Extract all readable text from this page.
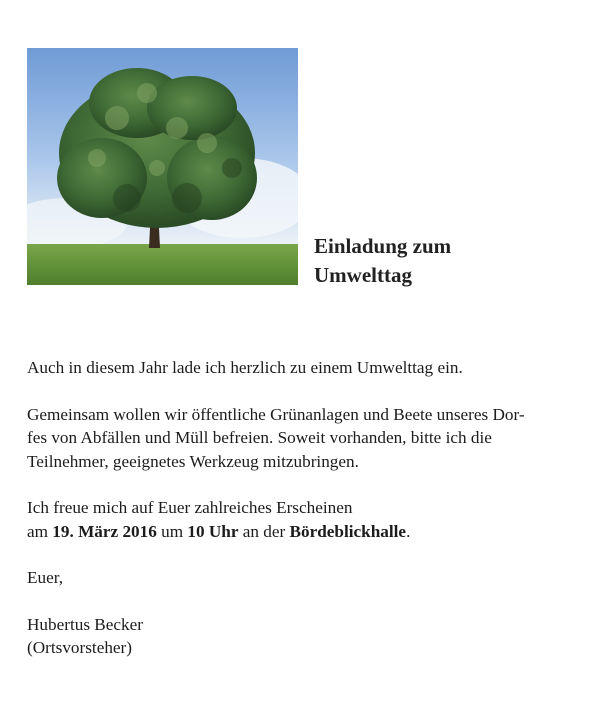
Einladung zum
Umwelttag

Auch in diesem Jahr lade ich herzlich zu einem Umwelttag ein.

Gemeinsam wollen wir öffentliche Grünanlagen und Beete unseres Dor-
fes von Abfällen und Müll befreien. Soweit vorhanden, bitte ich die
Teilnehmer, geeignetes Werkzeug mitzubringen.

Ich freue mich auf Euer zahlreiches Erscheinen
am 19. März 2016 um 10 Uhr an der Bördeblickhalle.

Euer,

Hubertus Becker
(Ortsvorsteher)
